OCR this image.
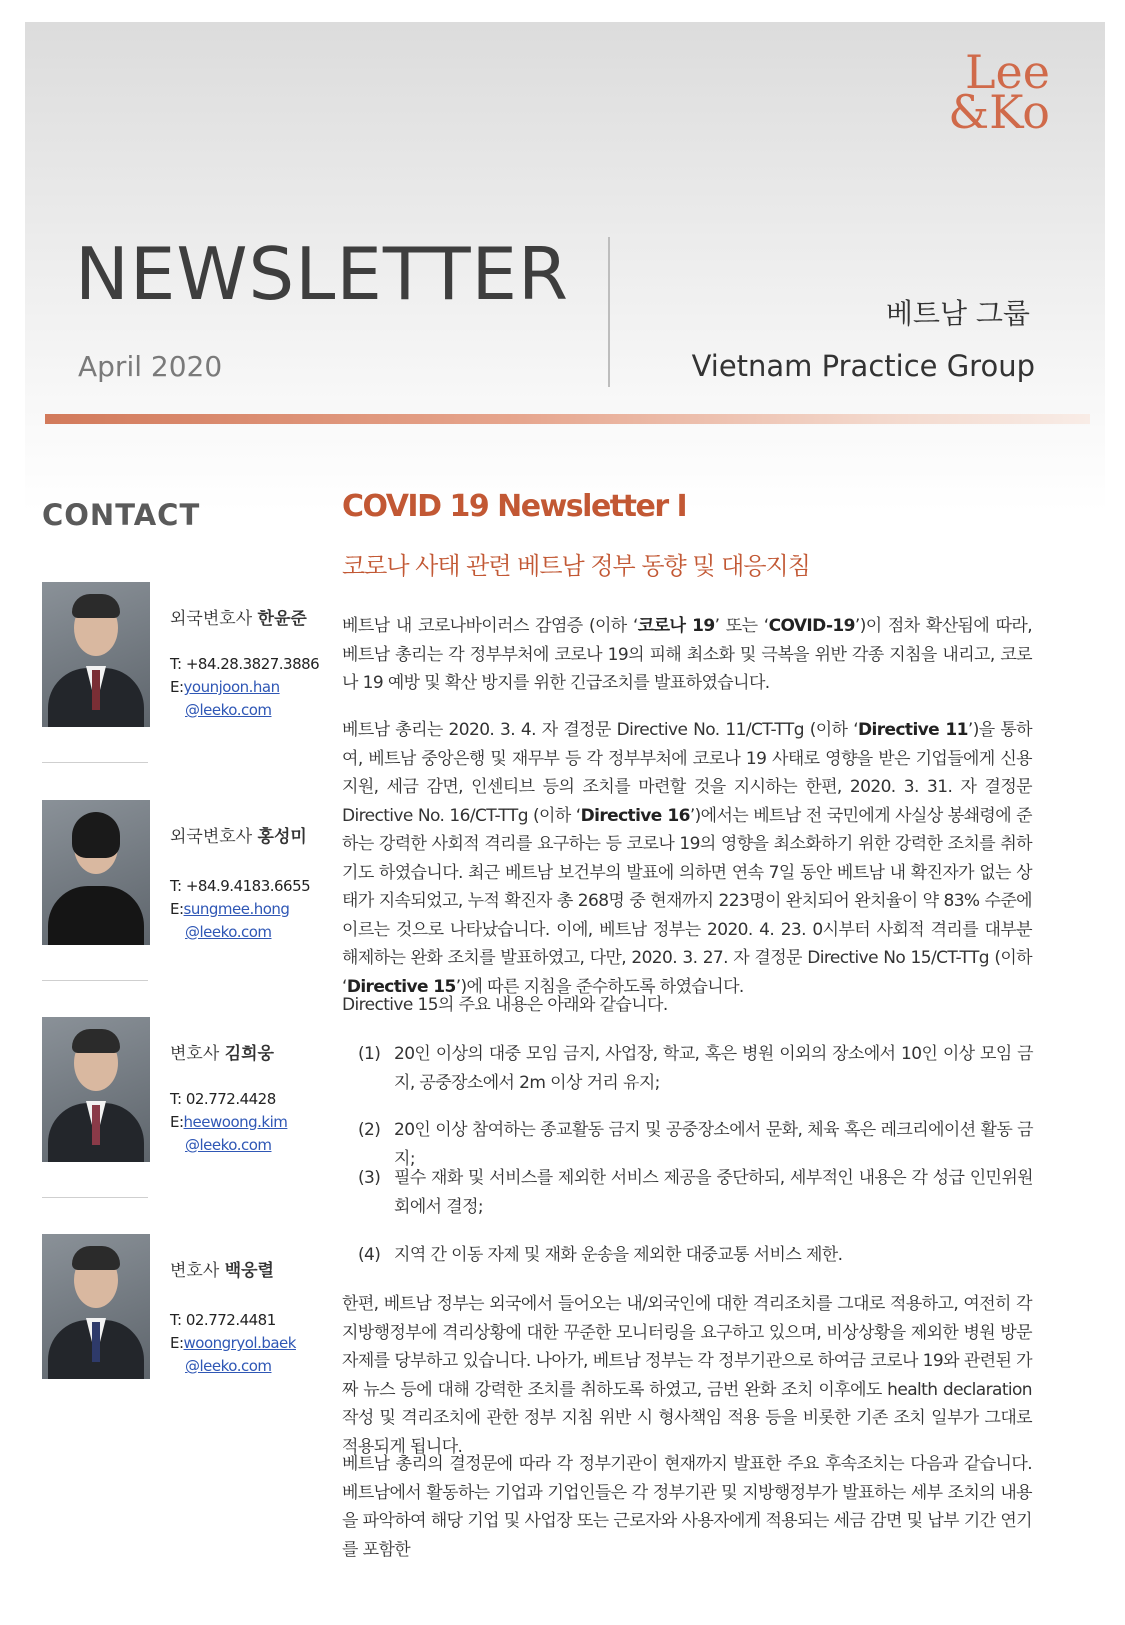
Lee
&Ko
NEWSLETTER
April 2020
베트남 그룹
Vietnam Practice Group
CONTACT
외국변호사 한윤준
T: +84.28.3827.3886
E:younjoon.han
@leeko.com
외국변호사 홍성미
T: +84.9.4183.6655
E:sungmee.hong
@leeko.com
변호사 김희웅
T: 02.772.4428
E:heewoong.kim
@leeko.com
변호사 백웅렬
T: 02.772.4481
E:woongryol.baek
@leeko.com
COVID 19 Newsletter I
코로나 사태 관련 베트남 정부 동향 및 대응지침
베트남 내 코로나바이러스 감염증 (이하 ‘코로나 19’ 또는 ‘COVID-19’)이 점차 확산됨에 따라, 베트남 총리는 각 정부부처에 코로나 19의 피해 최소화 및 극복을 위반 각종 지침을 내리고, 코로나 19 예방 및 확산 방지를 위한 긴급조치를 발표하였습니다.
베트남 총리는 2020. 3. 4. 자 결정문 Directive No. 11/CT-TTg (이하 ‘Directive 11’)을 통하여, 베트남 중앙은행 및 재무부 등 각 정부부처에 코로나 19 사태로 영향을 받은 기업들에게 신용지원, 세금 감면, 인센티브 등의 조치를 마련할 것을 지시하는 한편, 2020. 3. 31. 자 결정문 Directive No. 16/CT-TTg (이하 ‘Directive 16’)에서는 베트남 전 국민에게 사실상 봉쇄령에 준하는 강력한 사회적 격리를 요구하는 등 코로나 19의 영향을 최소화하기 위한 강력한 조치를 취하기도 하였습니다. 최근 베트남 보건부의 발표에 의하면 연속 7일 동안 베트남 내 확진자가 없는 상태가 지속되었고, 누적 확진자 총 268명 중 현재까지 223명이 완치되어 완치율이 약 83% 수준에 이르는 것으로 나타났습니다. 이에, 베트남 정부는 2020. 4. 23. 0시부터 사회적 격리를 대부분 해제하는 완화 조치를 발표하였고, 다만, 2020. 3. 27. 자 결정문 Directive No 15/CT-TTg (이하 ‘Directive 15’)에 따른 지침을 준수하도록 하였습니다.
Directive 15의 주요 내용은 아래와 같습니다.
(1) 20인 이상의 대중 모임 금지, 사업장, 학교, 혹은 병원 이외의 장소에서 10인 이상 모임 금지, 공중장소에서 2m 이상 거리 유지;
(2) 20인 이상 참여하는 종교활동 금지 및 공중장소에서 문화, 체육 혹은 레크리에이션 활동 금지;
(3) 필수 재화 및 서비스를 제외한 서비스 제공을 중단하되, 세부적인 내용은 각 성급 인민위원회에서 결정;
(4) 지역 간 이동 자제 및 재화 운송을 제외한 대중교통 서비스 제한.
한편, 베트남 정부는 외국에서 들어오는 내/외국인에 대한 격리조치를 그대로 적용하고, 여전히 각 지방행정부에 격리상황에 대한 꾸준한 모니터링을 요구하고 있으며, 비상상황을 제외한 병원 방문 자제를 당부하고 있습니다. 나아가, 베트남 정부는 각 정부기관으로 하여금 코로나 19와 관련된 가짜 뉴스 등에 대해 강력한 조치를 취하도록 하였고, 금번 완화 조치 이후에도 health declaration 작성 및 격리조치에 관한 정부 지침 위반 시 형사책임 적용 등을 비롯한 기존 조치 일부가 그대로 적용되게 됩니다.
베트남 총리의 결정문에 따라 각 정부기관이 현재까지 발표한 주요 후속조치는 다음과 같습니다. 베트남에서 활동하는 기업과 기업인들은 각 정부기관 및 지방행정부가 발표하는 세부 조치의 내용을 파악하여 해당 기업 및 사업장 또는 근로자와 사용자에게 적용되는 세금 감면 및 납부 기간 연기를 포함한
